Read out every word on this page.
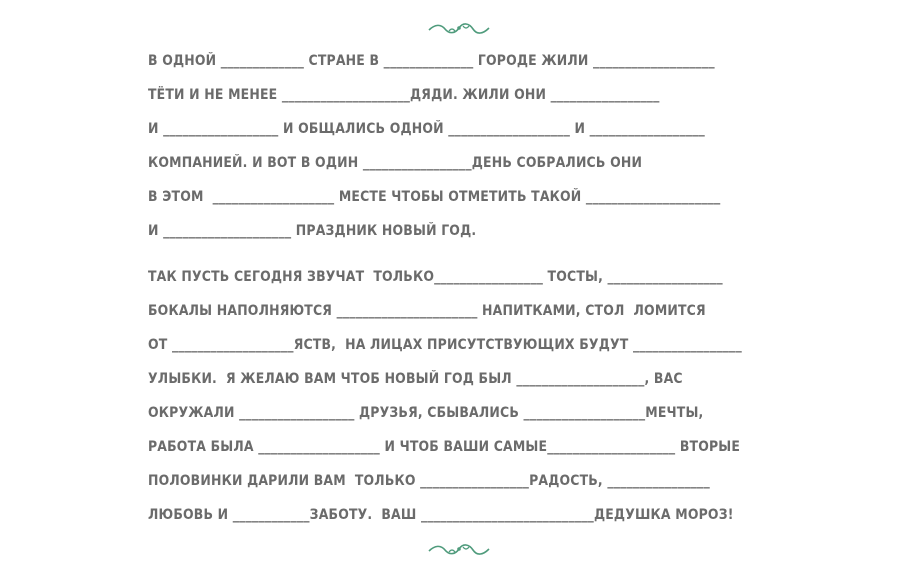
В ОДНОЙ _____________ СТРАНЕ В ______________ ГОРОДЕ ЖИЛИ ___________________
ТЁТИ И НЕ МЕНЕЕ ____________________ДЯДИ. ЖИЛИ ОНИ _________________
И __________________ И ОБЩАЛИСЬ ОДНОЙ ___________________ И __________________
КОМПАНИЕЙ. И ВОТ В ОДИН _________________ДЕНЬ СОБРАЛИСЬ ОНИ
В ЭТОМ  ___________________ МЕСТЕ ЧТОБЫ ОТМЕТИТЬ ТАКОЙ _____________________
И ____________________ ПРАЗДНИК НОВЫЙ ГОД.
ТАК ПУСТЬ СЕГОДНЯ ЗВУЧАТ  ТОЛЬКО_________________ ТОСТЫ, __________________
БОКАЛЫ НАПОЛНЯЮТСЯ ______________________ НАПИТКАМИ, СТОЛ  ЛОМИТСЯ
ОТ ___________________ЯСТВ,  НА ЛИЦАХ ПРИСУТСТВУЮЩИХ БУДУТ _________________
УЛЫБКИ.  Я ЖЕЛАЮ ВАМ ЧТОБ НОВЫЙ ГОД БЫЛ ____________________, ВАС
ОКРУЖАЛИ __________________ ДРУЗЬЯ, СБЫВАЛИСЬ ___________________МЕЧТЫ,
РАБОТА БЫЛА ___________________ И ЧТОБ ВАШИ САМЫЕ____________________ ВТОРЫЕ
ПОЛОВИНКИ ДАРИЛИ ВАМ  ТОЛЬКО _________________РАДОСТЬ, ________________
ЛЮБОВЬ И ____________ЗАБОТУ.  ВАШ ___________________________ДЕДУШКА МОРОЗ!
